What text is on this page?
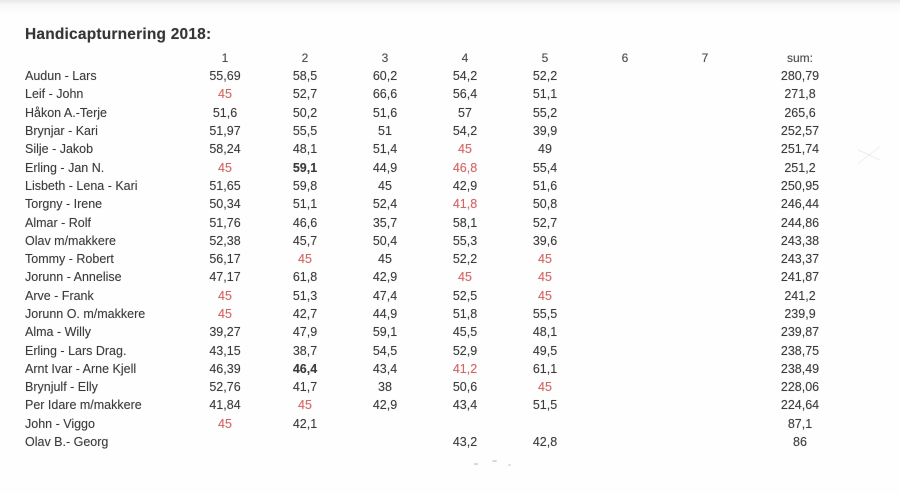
Handicapturnering 2018:
	1	2	3	4	5	6	7	sum:
Audun - Lars	55,69	58,5	60,2	54,2	52,2			280,79
Leif - John	45	52,7	66,6	56,4	51,1			271,8
Håkon A.-Terje	51,6	50,2	51,6	57	55,2			265,6
Brynjar - Kari	51,97	55,5	51	54,2	39,9			252,57
Silje - Jakob	58,24	48,1	51,4	45	49			251,74
Erling - Jan N.	45	59,1	44,9	46,8	55,4			251,2
Lisbeth - Lena - Kari	51,65	59,8	45	42,9	51,6			250,95
Torgny - Irene	50,34	51,1	52,4	41,8	50,8			246,44
Almar - Rolf	51,76	46,6	35,7	58,1	52,7			244,86
Olav m/makkere	52,38	45,7	50,4	55,3	39,6			243,38
Tommy - Robert	56,17	45	45	52,2	45			243,37
Jorunn - Annelise	47,17	61,8	42,9	45	45			241,87
Arve - Frank	45	51,3	47,4	52,5	45			241,2
Jorunn O. m/makkere	45	42,7	44,9	51,8	55,5			239,9
Alma - Willy	39,27	47,9	59,1	45,5	48,1			239,87
Erling - Lars Drag.	43,15	38,7	54,5	52,9	49,5			238,75
Arnt Ivar - Arne Kjell	46,39	46,4	43,4	41,2	61,1			238,49
Brynjulf - Elly	52,76	41,7	38	50,6	45			228,06
Per Idare m/makkere	41,84	45	42,9	43,4	51,5			224,64
John - Viggo	45	42,1						87,1
Olav B.- Georg				43,2	42,8			86
